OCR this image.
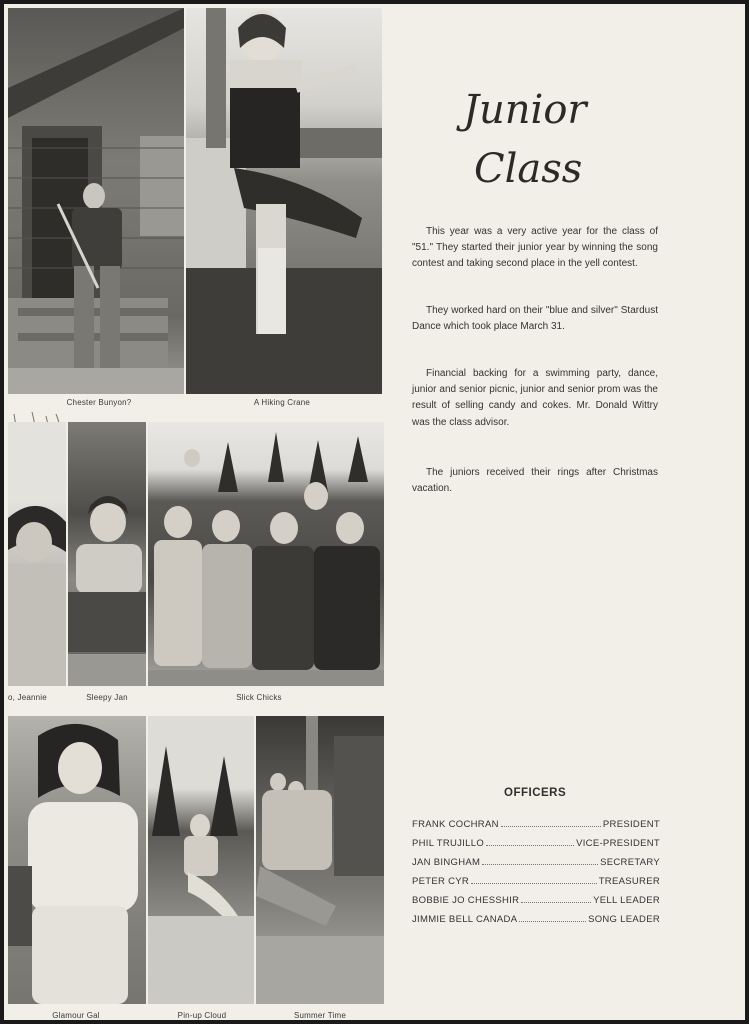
Chester Bunyon?	A Hiking Crane
o, Jeannie	Sleepy Jan	Slick Chicks
Glamour Gal	Pin-up Cloud	Summer Time
Junior
Class

This year was a very active year for the class of "51." They started their junior year by winning the song contest and taking second place in the yell contest.

They worked hard on their "blue and silver" Stardust Dance which took place March 31.

Financial backing for a swimming party, dance, junior and senior picnic, junior and senior prom was the result of selling candy and cokes. Mr. Donald Wittry was the class advisor.

The juniors received their rings after Christmas vacation.

OFFICERS
FRANK COCHRAN	PRESIDENT
PHIL TRUJILLO	VICE-PRESIDENT
JAN BINGHAM	SECRETARY
PETER CYR	TREASURER
BOBBIE JO CHESSHIR	YELL LEADER
JIMMIE BELL CANADA	SONG LEADER
